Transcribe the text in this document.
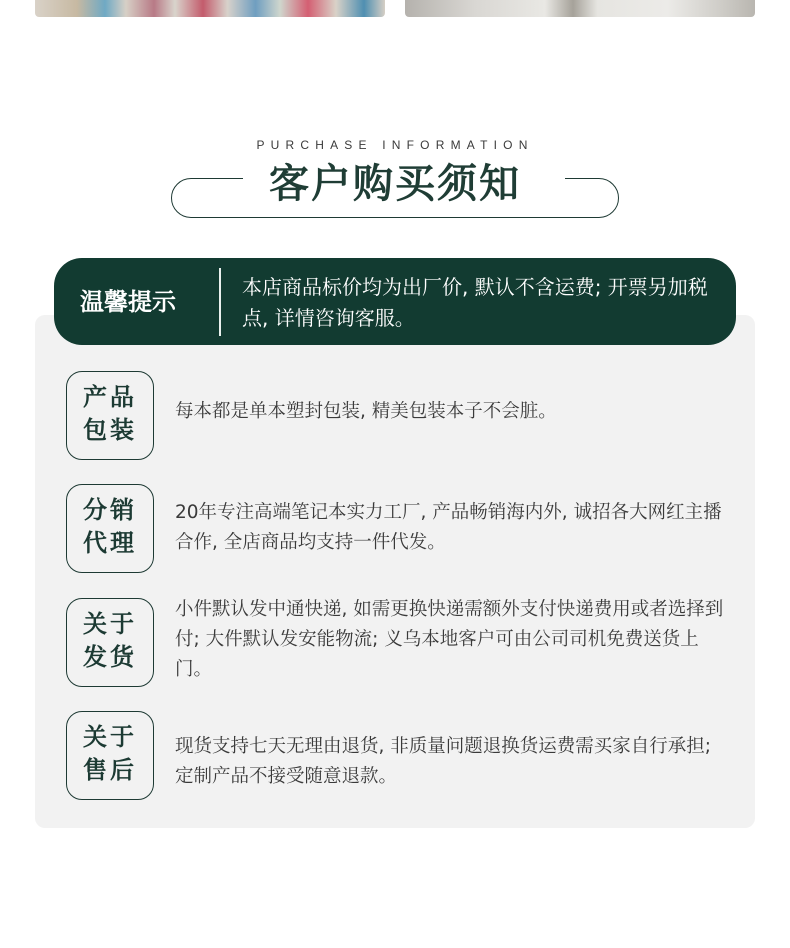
PURCHASE INFORMATION
客户购买须知
温馨提示
本店商品标价均为出厂价, 默认不含运费; 开票另加税点, 详情咨询客服。
产品
包装
每本都是单本塑封包装, 精美包装本子不会脏。
分销
代理
20年专注高端笔记本实力工厂, 产品畅销海内外, 诚招各大网红主播合作, 全店商品均支持一件代发。
关于
发货
小件默认发中通快递, 如需更换快递需额外支付快递费用或者选择到付; 大件默认发安能物流; 义乌本地客户可由公司司机免费送货上门。
关于
售后
现货支持七天无理由退货, 非质量问题退换货运费需买家自行承担; 定制产品不接受随意退款。
